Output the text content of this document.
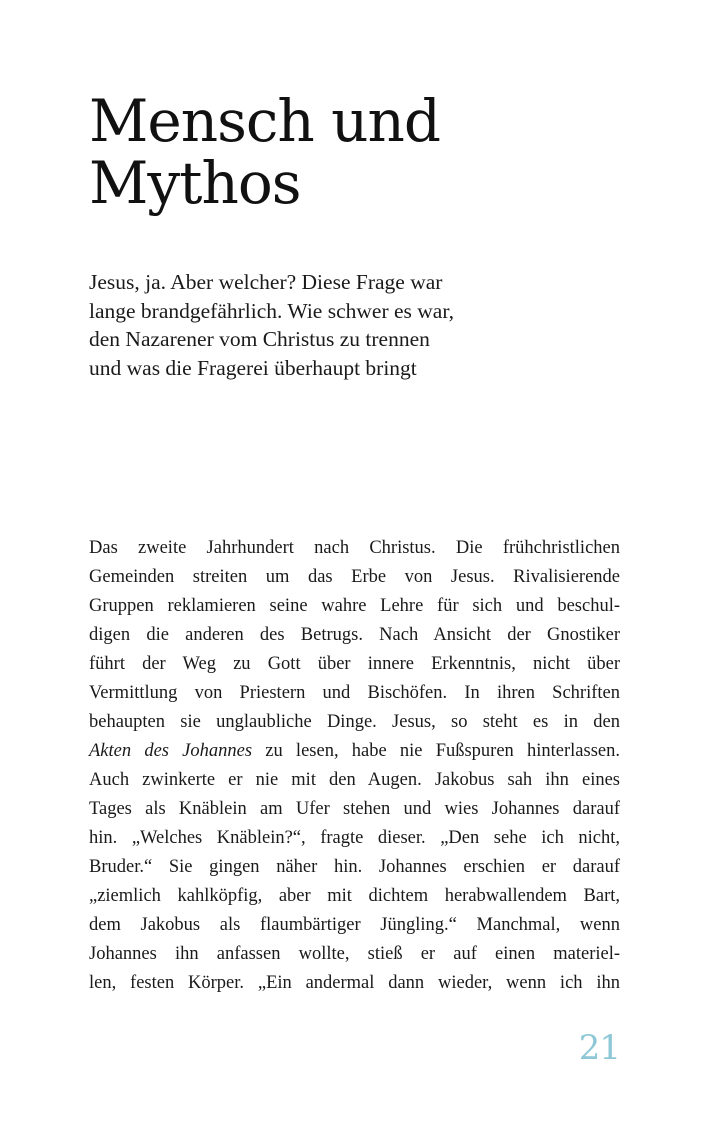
Mensch und
Mythos

Jesus, ja. Aber welcher? Diese Frage war
lange brandgefährlich. Wie schwer es war,
den Nazarener vom Christus zu trennen
und was die Fragerei überhaupt bringt

Das zweite Jahrhundert nach Christus. Die frühchristlichen
Gemeinden streiten um das Erbe von Jesus. Rivalisierende
Gruppen reklamieren seine wahre Lehre für sich und beschul-
digen die anderen des Betrugs. Nach Ansicht der Gnostiker
führt der Weg zu Gott über innere Erkenntnis, nicht über
Vermittlung von Priestern und Bischöfen. In ihren Schriften
behaupten sie unglaubliche Dinge. Jesus, so steht es in den
Akten des Johannes zu lesen, habe nie Fußspuren hinterlassen.
Auch zwinkerte er nie mit den Augen. Jakobus sah ihn eines
Tages als Knäblein am Ufer stehen und wies Johannes darauf
hin. „Welches Knäblein?“, fragte dieser. „Den sehe ich nicht,
Bruder.“ Sie gingen näher hin. Johannes erschien er darauf
„ziemlich kahlköpfig, aber mit dichtem herabwallendem Bart,
dem Jakobus als flaumbärtiger Jüngling.“ Manchmal, wenn
Johannes ihn anfassen wollte, stieß er auf einen materiel-
len, festen Körper. „Ein andermal dann wieder, wenn ich ihn
21
